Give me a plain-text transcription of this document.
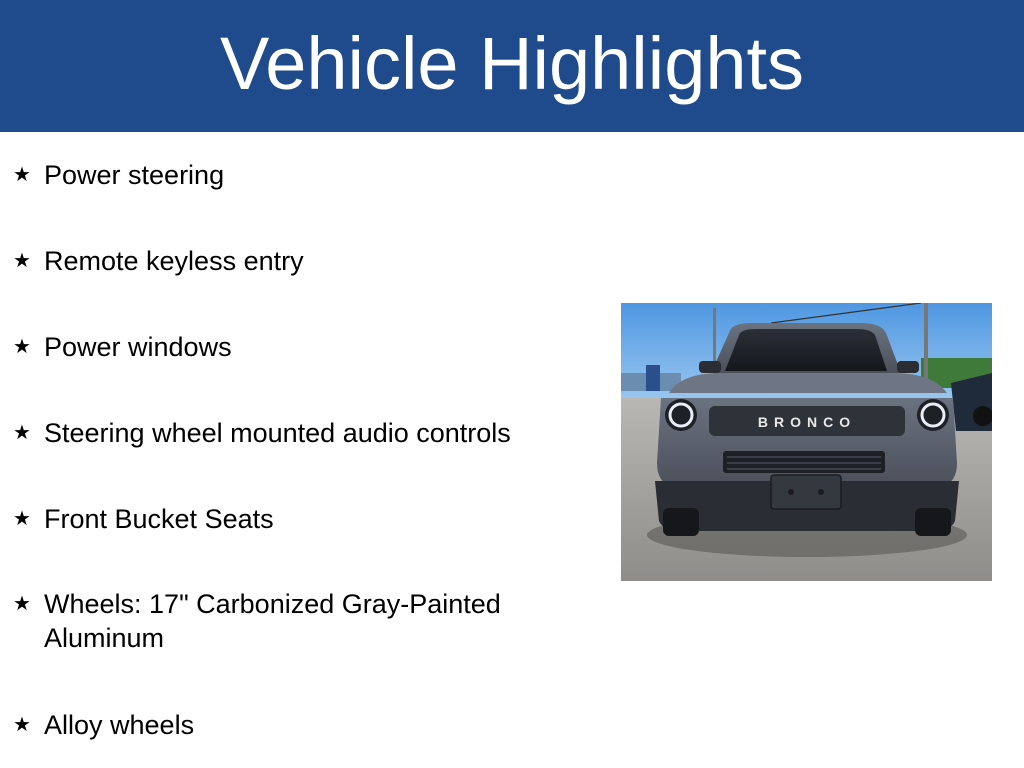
Vehicle Highlights
★ Power steering
★ Remote keyless entry
★ Power windows
★ Steering wheel mounted audio controls
★ Front Bucket Seats
★ Wheels: 17" Carbonized Gray-Painted Aluminum
★ Alloy wheels
BRONCO
